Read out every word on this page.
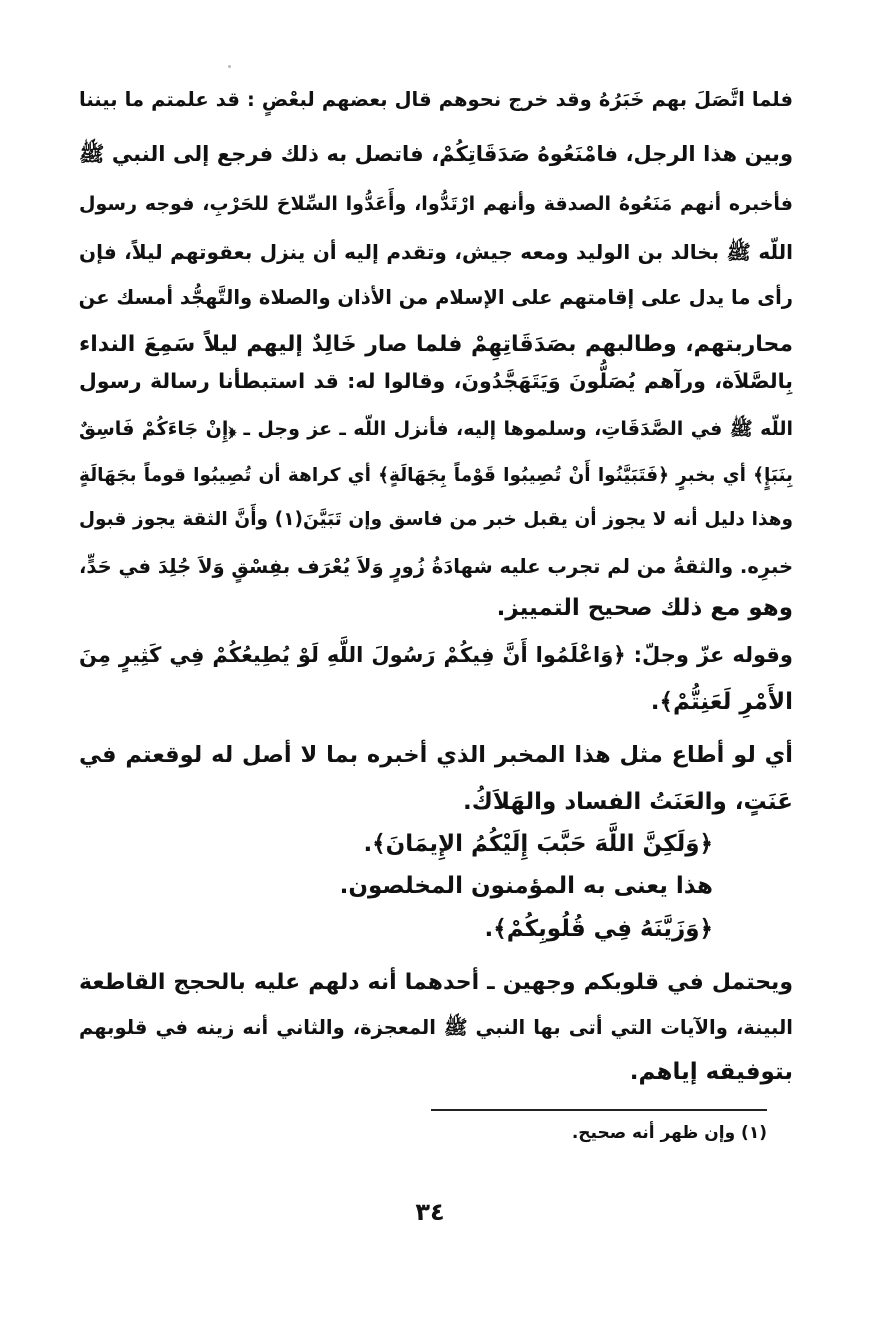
فلما اتَّصَلَ بهم خَبَرُهُ وقد خرج نحوهم قال بعضهم لبعْضٍ : قد علمتم ما بيننا
وبين هذا الرجل، فامْنَعُوهُ صَدَقَاتِكُمْ، فاتصل به ذلك فرجع إلى النبي ﷺ
فأخبره أنهم مَنَعُوهُ الصدقة وأنهم ارْتَدُّوا، وأَعَدُّوا السِّلاحَ للحَرْبِ، فوجه رسول
اللّه ﷺ بخالد بن الوليد ومعه جيش، وتقدم إليه أن ينزل بعقوتهم ليلاً، فإن
رأى ما يدل على إقامتهم على الإسلام من الأذان والصلاة والتَّهجُّد أمسك عن
محاربتهم، وطالبهم بصَدَقَاتِهِمْ فلما صار خَالِدٌ إليهم ليلاً سَمِعَ النداء
بِالصَّلاَة، ورآهم يُصَلُّونَ وَيَتَهَجَّدُونَ، وقالوا له: قد استبطأنا رسالة رسول
اللّه ﷺ في الصَّدَقَاتِ، وسلموها إليه، فأنزل اللّه ـ عز وجل ـ ﴿إِنْ جَاءَكُمْ فَاسِقٌ
بِنَبَإٍ﴾ أي بخبرٍ ﴿فَتَبَيَّنُوا أَنْ تُصِيبُوا قَوْماً بِجَهَالَةٍ﴾ أي كراهة أن تُصِيبُوا قوماً بجَهَالَةٍ
وهذا دليل أنه لا يجوز أن يقبل خبر من فاسق وإن تَبَيَّنَ(١) وأَنَّ الثقة يجوز قبول
خبرِه. والثقةُ من لم تجرب عليه شهادَةُ زُورٍ وَلاَ يُعْرَف بفِسْقٍ وَلاَ جُلِدَ في حَدٍّ،
وهو مع ذلك صحيح التمييز.
وقوله عزّ وجلّ: ﴿وَاعْلَمُوا أَنَّ فِيكُمْ رَسُولَ اللَّهِ لَوْ يُطِيعُكُمْ فِي كَثِيرٍ مِنَ
الأَمْرِ لَعَنِتُّمْ﴾.
أي لو أطاع مثل هذا المخبر الذي أخبره بما لا أصل له لوقعتم في
عَنَتٍ، والعَنَتُ الفساد والهَلاَكُ.
﴿وَلَكِنَّ اللَّهَ حَبَّبَ إِلَيْكُمُ الإِيمَانَ﴾.
هذا يعنى به المؤمنون المخلصون.
﴿وَزَيَّنَهُ فِي قُلُوبِكُمْ﴾.
ويحتمل في قلوبكم وجهين ـ أحدهما أنه دلهم عليه بالحجج القاطعة
البينة، والآيات التي أتى بها النبي ﷺ المعجزة، والثاني أنه زينه في قلوبهم
بتوفيقه إياهم.
(١) وإن ظهر أنه صحيح.
٣٤
